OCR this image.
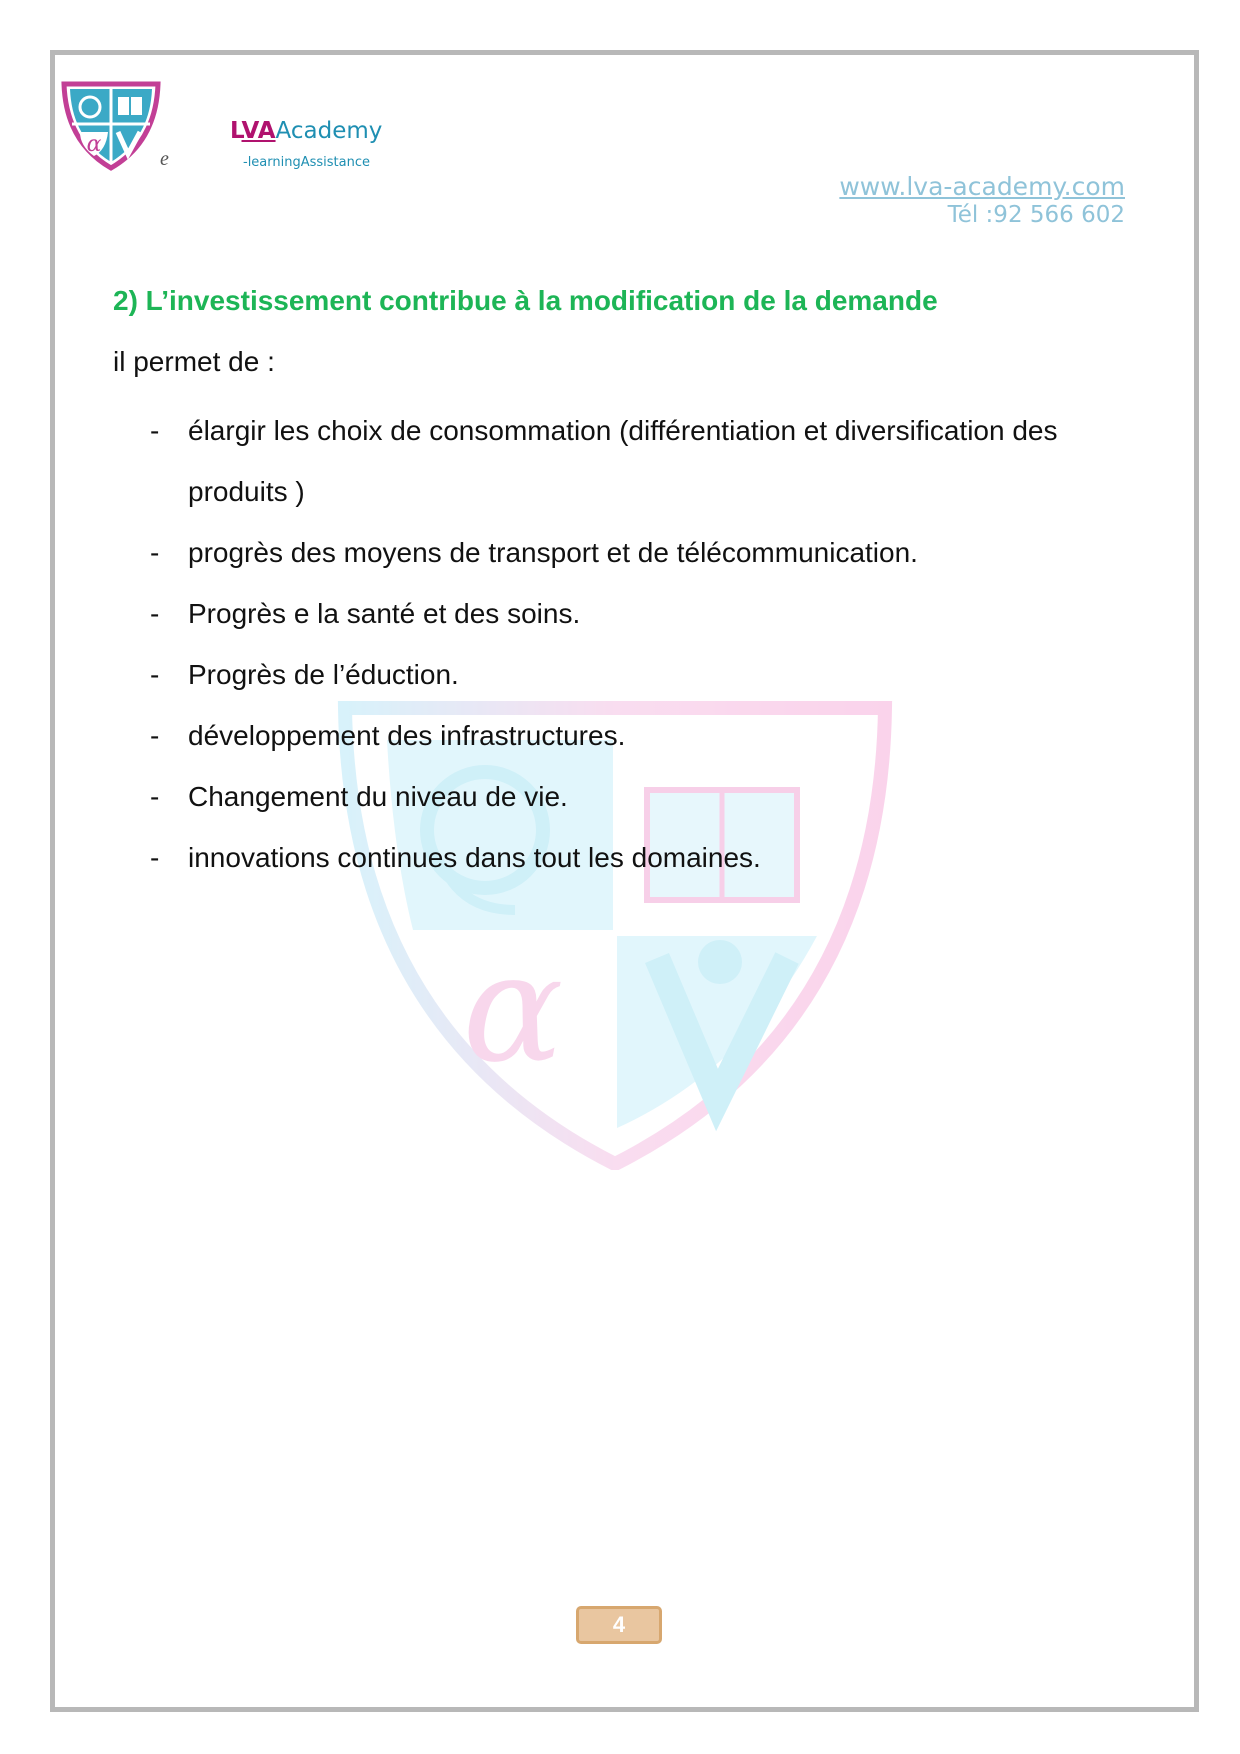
α
e
LVAAcademy
-learningAssistance
www.lva-academy.com
Tél :92 566 602
α
2) L’investissement contribue à la modification de la demande

il permet de :

- élargir les choix de consommation (différentiation et diversification des produits )
- progrès des moyens de transport et de télécommunication.
- Progrès e la santé et des soins.
- Progrès de l’éduction.
- développement des infrastructures.
- Changement du niveau de vie.
- innovations continues dans tout les domaines.
4
